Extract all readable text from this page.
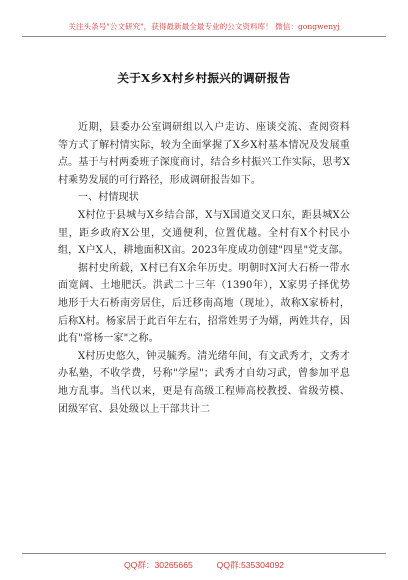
关注头条号"公文研究"，获得最新最全最专业的公文资料库！ 微信：gongwenyj
关于X乡X村乡村振兴的调研报告

近期，县委办公室调研组以入户走访、座谈交流、查阅资料等方式了解村情实际，较为全面掌握了X乡X村基本情况及发展重点。基于与村两委班子深度商讨，结合乡村振兴工作实际，思考X村乘势发展的可行路径，形成调研报告如下。

一、村情现状

X村位于县城与X乡结合部，X与X国道交叉口东，距县城X公里，距乡政府X公里，交通便利，位置优越。全村有X个村民小组，X户X人，耕地面积X亩。2023年度成功创建"四星"党支部。

据村史所载，X村已有X余年历史。明朝时X河大石桥一带水面宽阔、土地肥沃。洪武二十三年（1390年），X家男子择优势地形于大石桥南旁居住，后迁移南高地（现址），故称X家桥村，后称X村。杨家居于此百年左右，招常姓男子为婿，两姓共存，因此有"常杨一家"之称。

X村历史悠久，钟灵毓秀。清光绪年间，有文武秀才，文秀才办私塾，不收学费，号称"学屋"；武秀才自幼习武，曾参加平息地方乱事。当代以来，更是有高级工程师高校教授、省级劳模、团级军官、县处级以上干部共计二

QQ群：30265665          QQ群:535304092
